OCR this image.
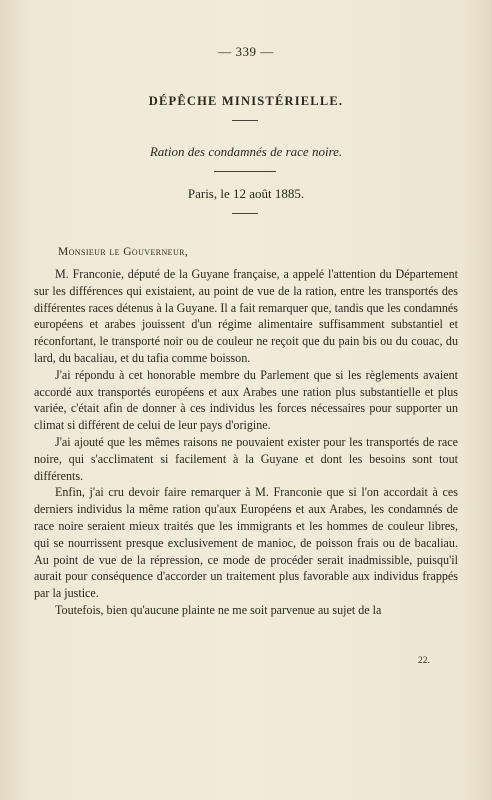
— 339 —
DÉPÊCHE MINISTÉRIELLE.
Ration des condamnés de race noire.
Paris, le 12 août 1885.
Monsieur le Gouverneur,

M. Franconie, député de la Guyane française, a appelé l'attention du Département sur les différences qui existaient, au point de vue de la ration, entre les transportés des différentes races détenus à la Guyane. Il a fait remarquer que, tandis que les condamnés européens et arabes jouissent d'un régime alimentaire suffisamment substantiel et réconfortant, le transporté noir ou de couleur ne reçoit que du pain bis ou du couac, du lard, du bacaliau, et du tafia comme boisson.

J'ai répondu à cet honorable membre du Parlement que si les règlements avaient accordé aux transportés européens et aux Arabes une ration plus substantielle et plus variée, c'était afin de donner à ces individus les forces nécessaires pour supporter un climat si différent de celui de leur pays d'origine.

J'ai ajouté que les mêmes raisons ne pouvaient exister pour les transportés de race noire, qui s'acclimatent si facilement à la Guyane et dont les besoins sont tout différents.

Enfin, j'ai cru devoir faire remarquer à M. Franconie que si l'on accordait à ces derniers individus la même ration qu'aux Européens et aux Arabes, les condamnés de race noire seraient mieux traités que les immigrants et les hommes de couleur libres, qui se nourrissent presque exclusivement de manioc, de poisson frais ou de bacaliau. Au point de vue de la répression, ce mode de procéder serait inadmissible, puisqu'il aurait pour conséquence d'accorder un traitement plus favorable aux individus frappés par la justice.

Toutefois, bien qu'aucune plainte ne me soit parvenue au sujet de la

22.
